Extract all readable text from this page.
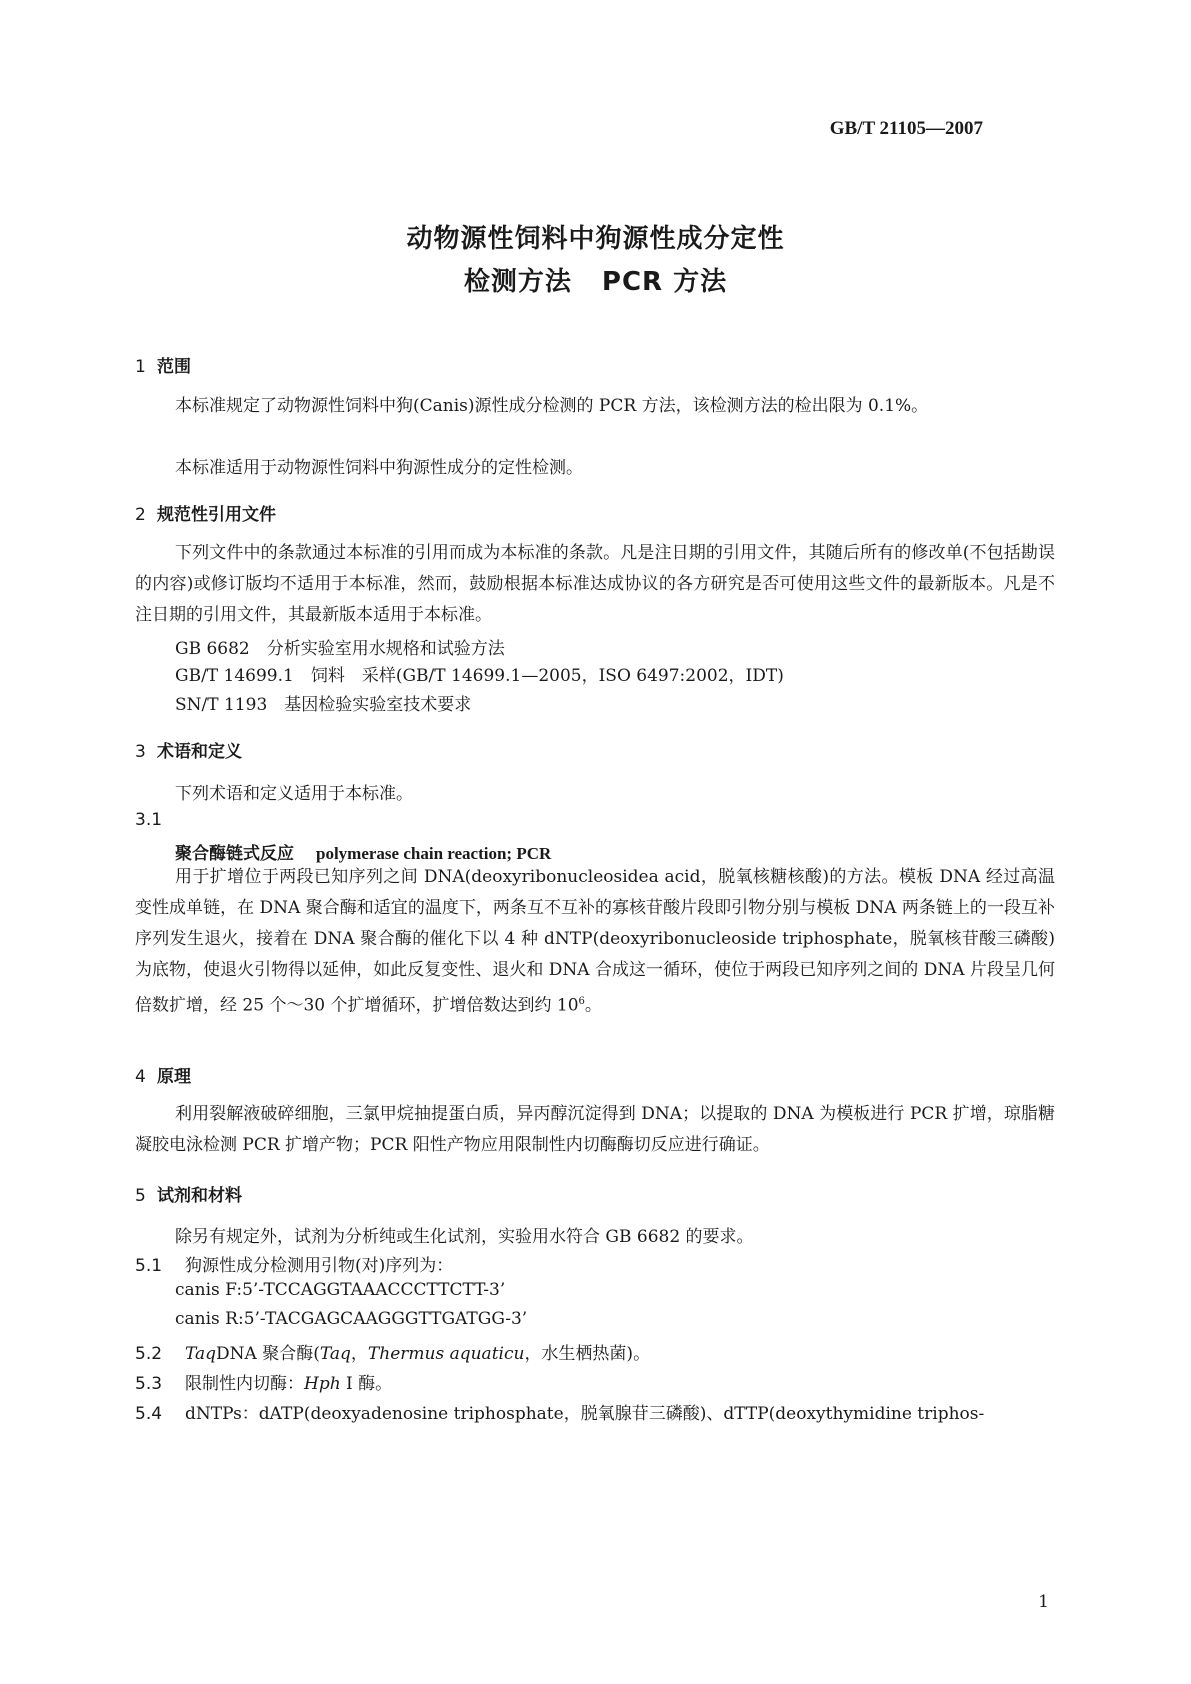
GB/T 21105—2007
动物源性饲料中狗源性成分定性
检测方法 PCR 方法
1 范围
本标准规定了动物源性饲料中狗(Canis)源性成分检测的 PCR 方法，该检测方法的检出限为 0.1%。
本标准适用于动物源性饲料中狗源性成分的定性检测。
2 规范性引用文件
下列文件中的条款通过本标准的引用而成为本标准的条款。凡是注日期的引用文件，其随后所有的修改单(不包括勘误的内容)或修订版均不适用于本标准，然而，鼓励根据本标准达成协议的各方研究是否可使用这些文件的最新版本。凡是不注日期的引用文件，其最新版本适用于本标准。
GB 6682　分析实验室用水规格和试验方法
GB/T 14699.1　饲料　采样(GB/T 14699.1—2005，ISO 6497:2002，IDT)
SN/T 1193　基因检验实验室技术要求
3 术语和定义
下列术语和定义适用于本标准。
3.1
聚合酶链式反应 polymerase chain reaction; PCR
用于扩增位于两段已知序列之间 DNA(deoxyribonucleosidea acid，脱氧核糖核酸)的方法。模板 DNA 经过高温变性成单链，在 DNA 聚合酶和适宜的温度下，两条互不互补的寡核苷酸片段即引物分别与模板 DNA 两条链上的一段互补序列发生退火，接着在 DNA 聚合酶的催化下以 4 种 dNTP(deoxyribonucleoside triphosphate，脱氧核苷酸三磷酸)为底物，使退火引物得以延伸，如此反复变性、退火和 DNA 合成这一循环，使位于两段已知序列之间的 DNA 片段呈几何倍数扩增，经 25 个～30 个扩增循环，扩增倍数达到约 $10^6$。
4 原理
利用裂解液破碎细胞，三氯甲烷抽提蛋白质，异丙醇沉淀得到 DNA；以提取的 DNA 为模板进行 PCR 扩增，琼脂糖凝胶电泳检测 PCR 扩增产物；PCR 阳性产物应用限制性内切酶酶切反应进行确证。
5 试剂和材料
除另有规定外，试剂为分析纯或生化试剂，实验用水符合 GB 6682 的要求。
5.1 狗源性成分检测用引物(对)序列为：
canis F:5’-TCCAGGTAAACCCTTCTT-3’
canis R:5’-TACGAGCAAGGGTTGATGG-3’
5.2 TaqDNA 聚合酶(Taq，Thermus aquaticu，水生栖热菌)。
5.3 限制性内切酶：Hph Ⅰ 酶。
5.4 dNTPs：dATP(deoxyadenosine triphosphate，脱氧腺苷三磷酸)、dTTP(deoxythymidine triphos-
1
